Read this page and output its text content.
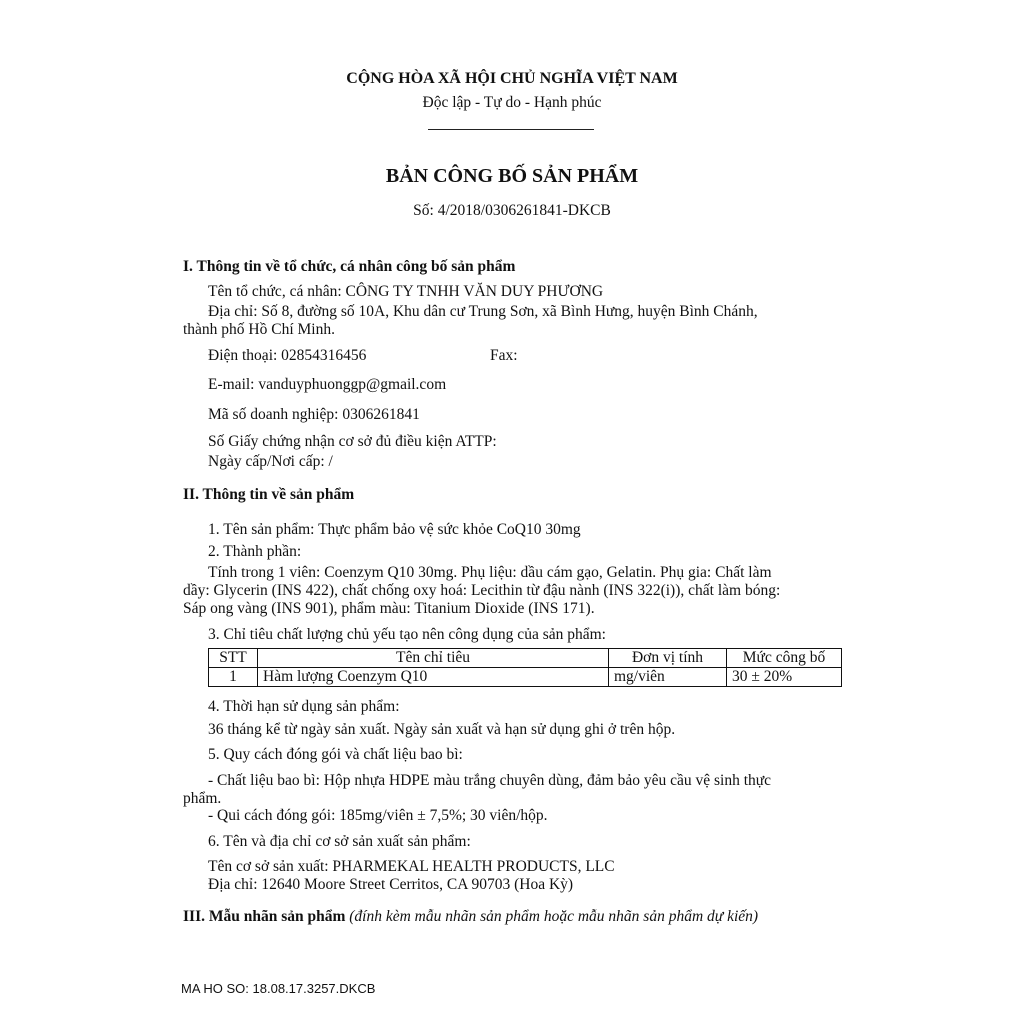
CỘNG HÒA XÃ HỘI CHỦ NGHĨA VIỆT NAM
Độc lập - Tự do - Hạnh phúc
BẢN CÔNG BỐ SẢN PHẨM
Số: 4/2018/0306261841-DKCB
I. Thông tin về tổ chức, cá nhân công bố sản phẩm
Tên tổ chức, cá nhân: CÔNG TY TNHH VĂN DUY PHƯƠNG
Địa chỉ: Số 8, đường số 10A, Khu dân cư Trung Sơn, xã Bình Hưng, huyện Bình Chánh,
thành phố Hồ Chí Minh.
Điện thoại: 02854316456	Fax:
E-mail: vanduyphuonggp@gmail.com
Mã số doanh nghiệp: 0306261841
Số Giấy chứng nhận cơ sở đủ điều kiện ATTP:
Ngày cấp/Nơi cấp: /
II. Thông tin về sản phẩm
1. Tên sản phẩm: Thực phẩm bảo vệ sức khỏe CoQ10 30mg
2. Thành phần:
Tính trong 1 viên: Coenzym Q10 30mg. Phụ liệu: dầu cám gạo, Gelatin. Phụ gia: Chất làm
dầy: Glycerin (INS 422), chất chống oxy hoá: Lecithin từ đậu nành (INS 322(i)), chất làm bóng:
Sáp ong vàng (INS 901), phẩm màu: Titanium Dioxide (INS 171).
3. Chỉ tiêu chất lượng chủ yếu tạo nên công dụng của sản phẩm:
STT	Tên chỉ tiêu	Đơn vị tính	Mức công bố
1	Hàm lượng Coenzym Q10	mg/viên	30 ± 20%
4. Thời hạn sử dụng sản phẩm:
36 tháng kể từ ngày sản xuất. Ngày sản xuất và hạn sử dụng ghi ở trên hộp.
5. Quy cách đóng gói và chất liệu bao bì:
- Chất liệu bao bì: Hộp nhựa HDPE màu trắng chuyên dùng, đảm bảo yêu cầu vệ sinh thực
phẩm.
- Qui cách đóng gói: 185mg/viên ± 7,5%; 30 viên/hộp.
6. Tên và địa chỉ cơ sở sản xuất sản phẩm:
Tên cơ sở sản xuất: PHARMEKAL HEALTH PRODUCTS, LLC
Địa chỉ: 12640 Moore Street Cerritos, CA 90703 (Hoa Kỳ)
III. Mẫu nhãn sản phẩm (đính kèm mẫu nhãn sản phẩm hoặc mẫu nhãn sản phẩm dự kiến)
MA HO SO: 18.08.17.3257.DKCB
